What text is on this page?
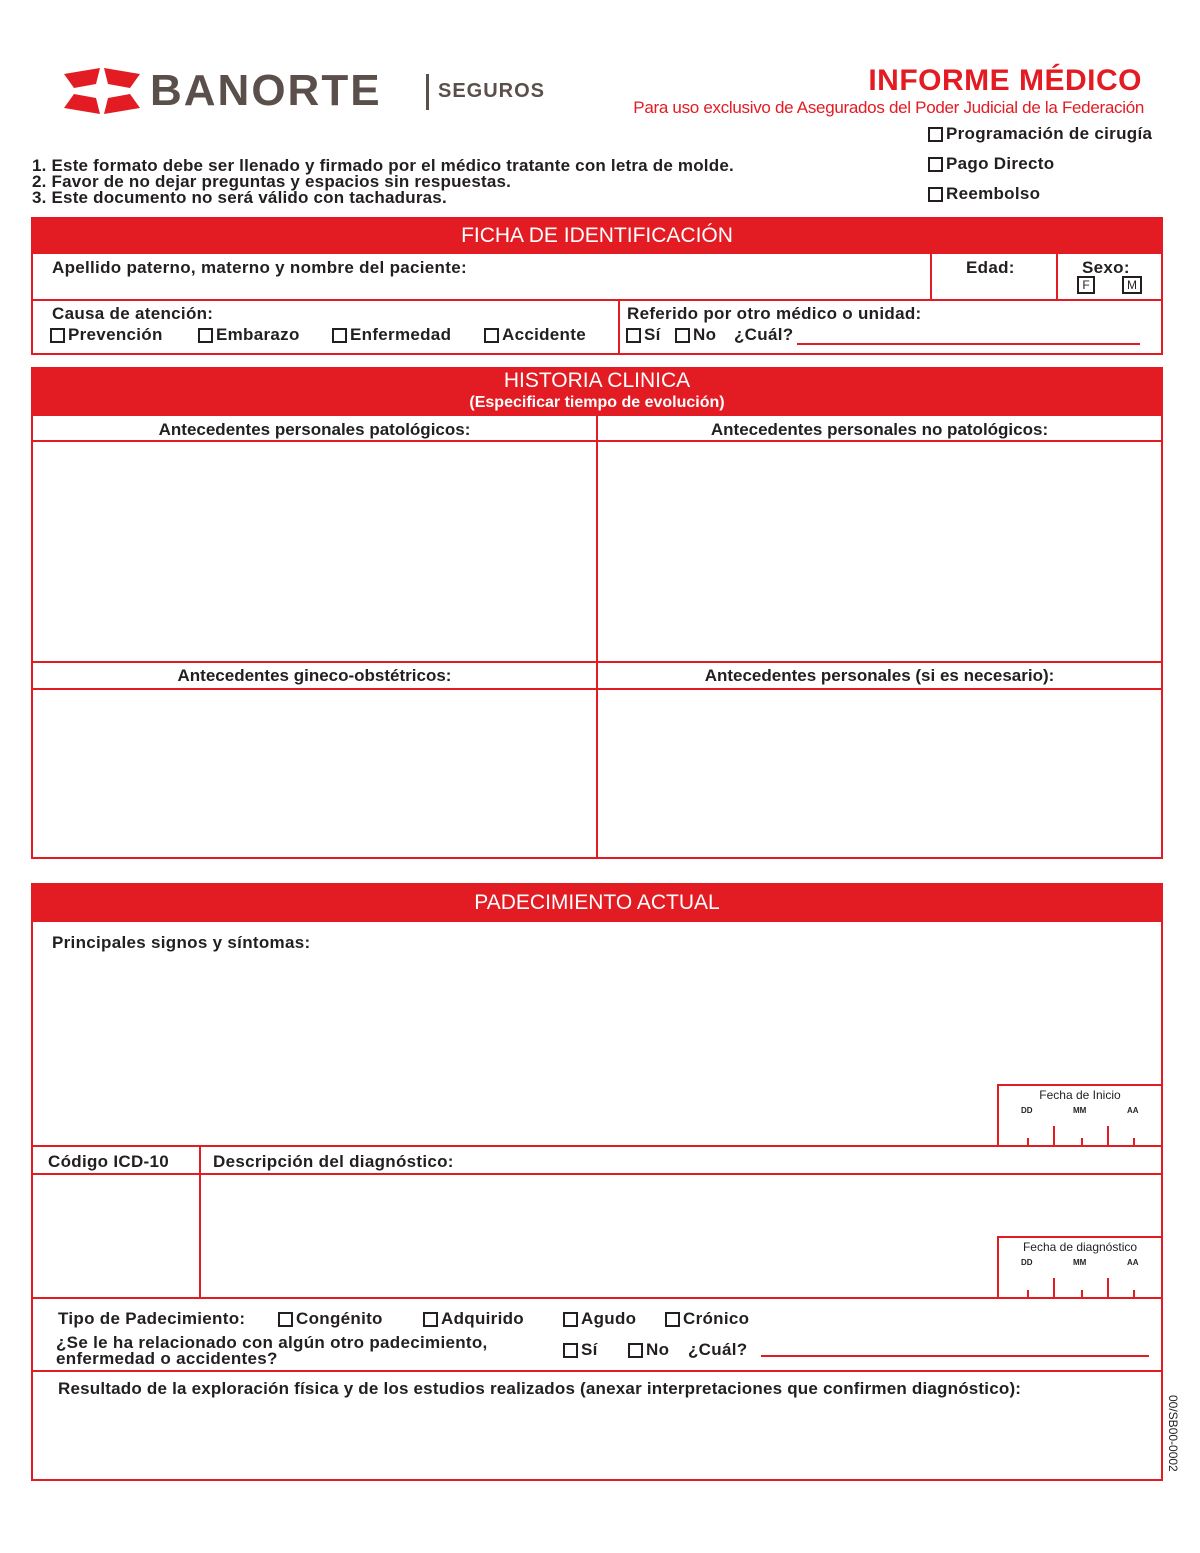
BANORTE	SEGUROS	INFORME MÉDICO
Para uso exclusivo de Asegurados del Poder Judicial de la Federación
Programación de cirugía
Pago Directo
Reembolso
1. Este formato debe ser llenado y firmado por el médico tratante con letra de molde.
2. Favor de no dejar preguntas y espacios sin respuestas.
3. Este documento no será válido con tachaduras.
FICHA DE IDENTIFICACIÓN
Apellido paterno, materno y nombre del paciente:	Edad:	Sexo:
F	M
Causa de atención:
Prevención	Embarazo	Enfermedad	Accidente
Referido por otro médico o unidad:
Sí	No ¿Cuál?
HISTORIA CLINICA
(Especificar tiempo de evolución)
Antecedentes personales patológicos:	Antecedentes personales no patológicos:
Antecedentes gineco-obstétricos:	Antecedentes personales (si es necesario):
PADECIMIENTO ACTUAL
Principales signos y síntomas:
Fecha de Inicio
DD	MM	AA
Código ICD-10	Descripción del diagnóstico:
Fecha de diagnóstico
DD	MM	AA
Tipo de Padecimiento:	Congénito	Adquirido	Agudo	Crónico
¿Se le ha relacionado con algún otro padecimiento,
enfermedad o accidentes?	Sí	No ¿Cuál?
Resultado de la exploración física y de los estudios realizados (anexar interpretaciones que confirmen diagnóstico):
00/SB00-0002
